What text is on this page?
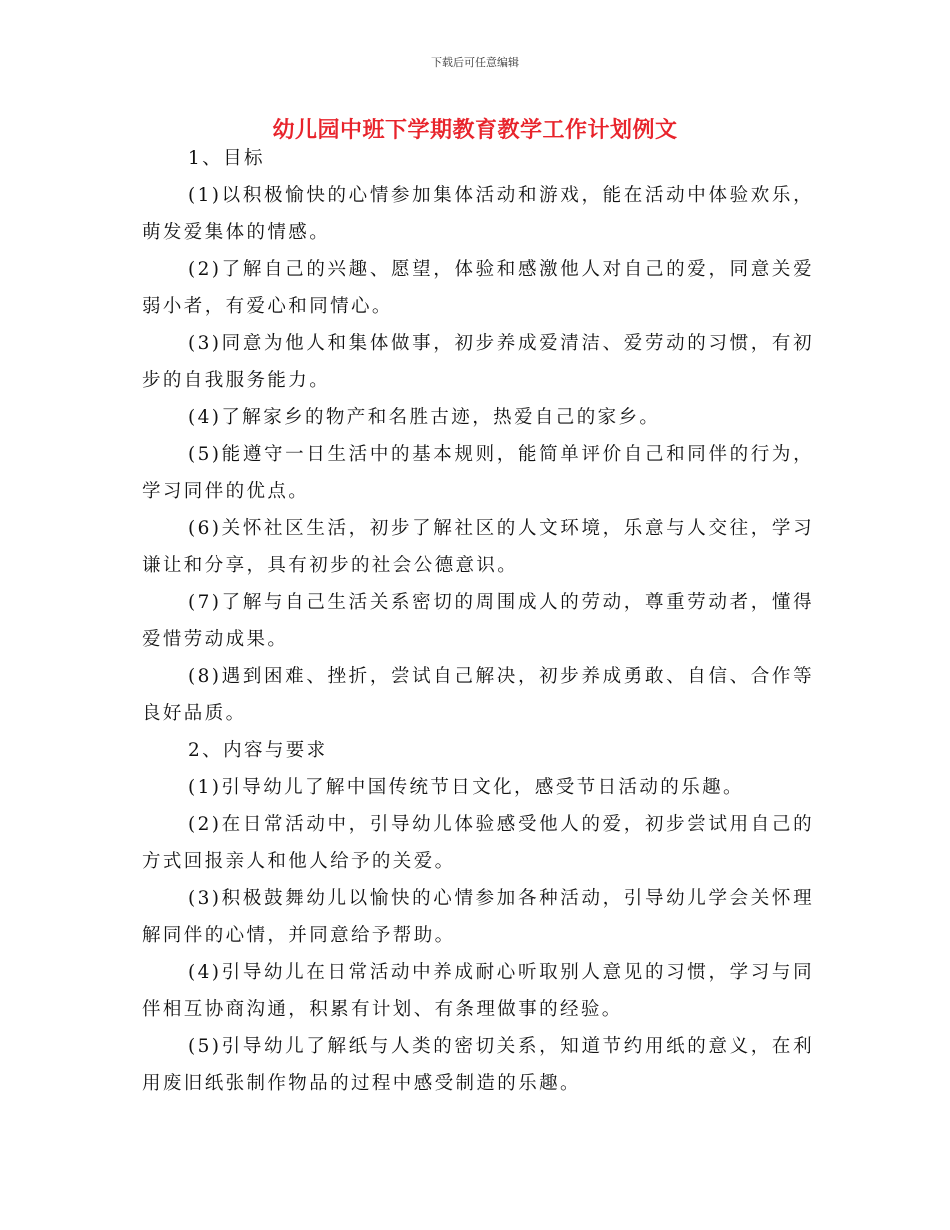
下载后可任意编辑
幼儿园中班下学期教育教学工作计划例文

1、目标

(1)以积极愉快的心情参加集体活动和游戏，能在活动中体验欢乐，萌发爱集体的情感。

(2)了解自己的兴趣、愿望，体验和感激他人对自己的爱，同意关爱弱小者，有爱心和同情心。

(3)同意为他人和集体做事，初步养成爱清洁、爱劳动的习惯，有初步的自我服务能力。

(4)了解家乡的物产和名胜古迹，热爱自己的家乡。

(5)能遵守一日生活中的基本规则，能简单评价自己和同伴的行为，学习同伴的优点。

(6)关怀社区生活，初步了解社区的人文环境，乐意与人交往，学习谦让和分享，具有初步的社会公德意识。

(7)了解与自己生活关系密切的周围成人的劳动，尊重劳动者，懂得爱惜劳动成果。

(8)遇到困难、挫折，尝试自己解决，初步养成勇敢、自信、合作等良好品质。

2、内容与要求

(1)引导幼儿了解中国传统节日文化，感受节日活动的乐趣。

(2)在日常活动中，引导幼儿体验感受他人的爱，初步尝试用自己的方式回报亲人和他人给予的关爱。

(3)积极鼓舞幼儿以愉快的心情参加各种活动，引导幼儿学会关怀理解同伴的心情，并同意给予帮助。

(4)引导幼儿在日常活动中养成耐心听取别人意见的习惯，学习与同伴相互协商沟通，积累有计划、有条理做事的经验。

(5)引导幼儿了解纸与人类的密切关系，知道节约用纸的意义，在利用废旧纸张制作物品的过程中感受制造的乐趣。
